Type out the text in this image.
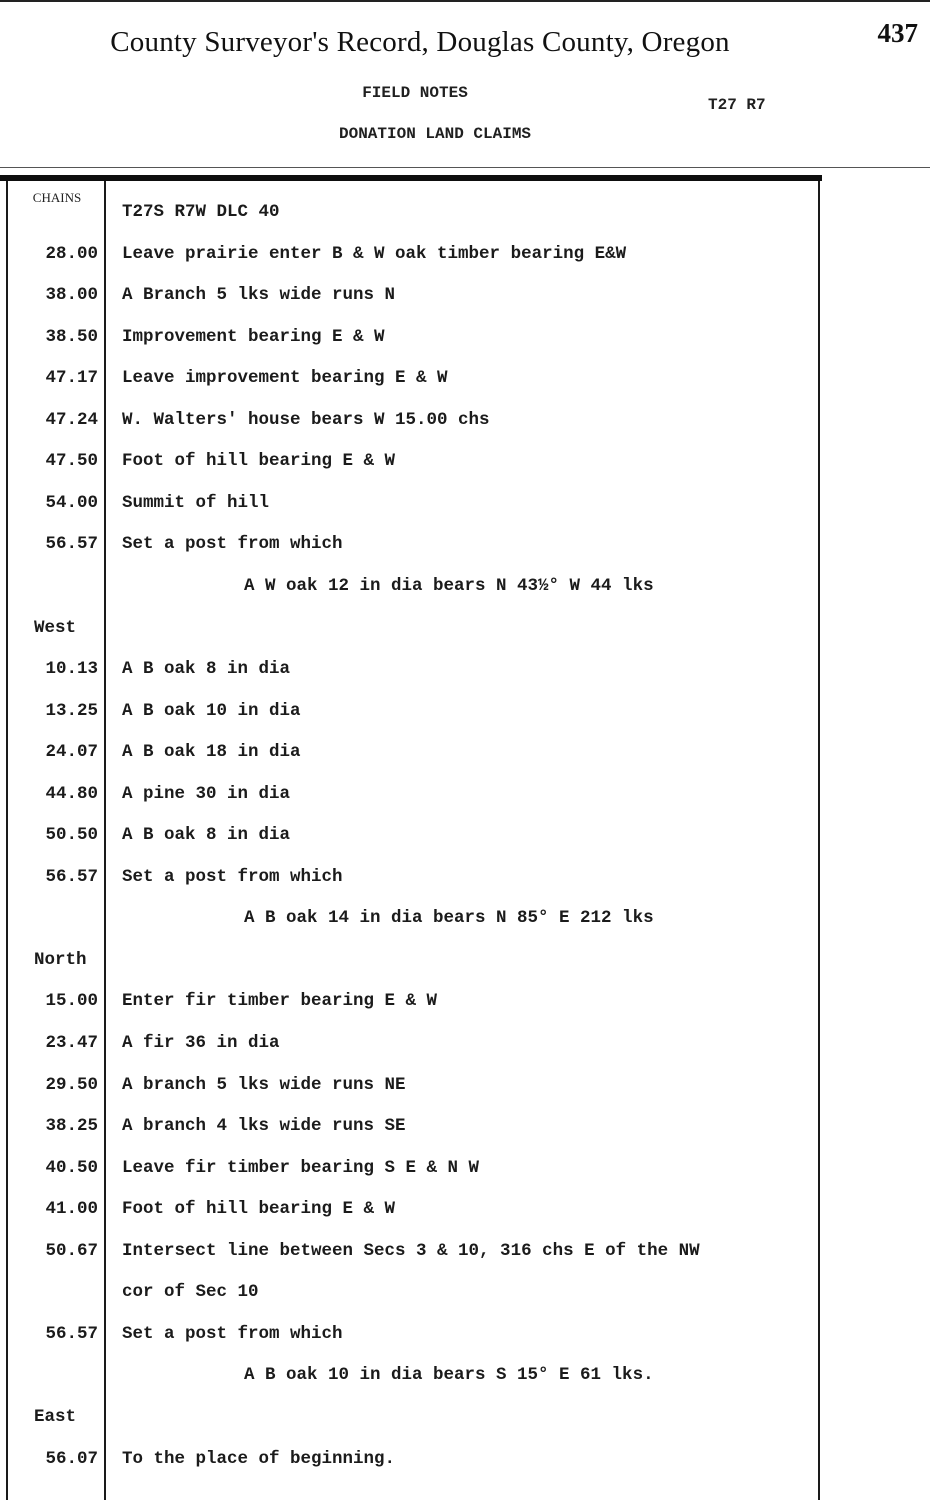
County Surveyor's Record, Douglas County, Oregon	437
FIELD NOTES
T27 R7
DONATION LAND CLAIMS
CHAINS
T27S R7W DLC 40
28.00 Leave prairie enter B & W oak timber bearing E&W
38.00 A Branch 5 lks wide runs N
38.50 Improvement bearing E & W
47.17 Leave improvement bearing E & W
47.24 W. Walters' house bears W 15.00 chs
47.50 Foot of hill bearing E & W
54.00 Summit of hill
56.57 Set a post from which
A W oak 12 in dia bears N 43½° W 44 lks
West
10.13 A B oak 8 in dia
13.25 A B oak 10 in dia
24.07 A B oak 18 in dia
44.80 A pine 30 in dia
50.50 A B oak 8 in dia
56.57 Set a post from which
A B oak 14 in dia bears N 85° E 212 lks
North
15.00 Enter fir timber bearing E & W
23.47 A fir 36 in dia
29.50 A branch 5 lks wide runs NE
38.25 A branch 4 lks wide runs SE
40.50 Leave fir timber bearing S E & N W
41.00 Foot of hill bearing E & W
50.67 Intersect line between Secs 3 & 10, 316 chs E of the NW
cor of Sec 10
56.57 Set a post from which
A B oak 10 in dia bears S 15° E 61 lks.
East
56.07 To the place of beginning.
